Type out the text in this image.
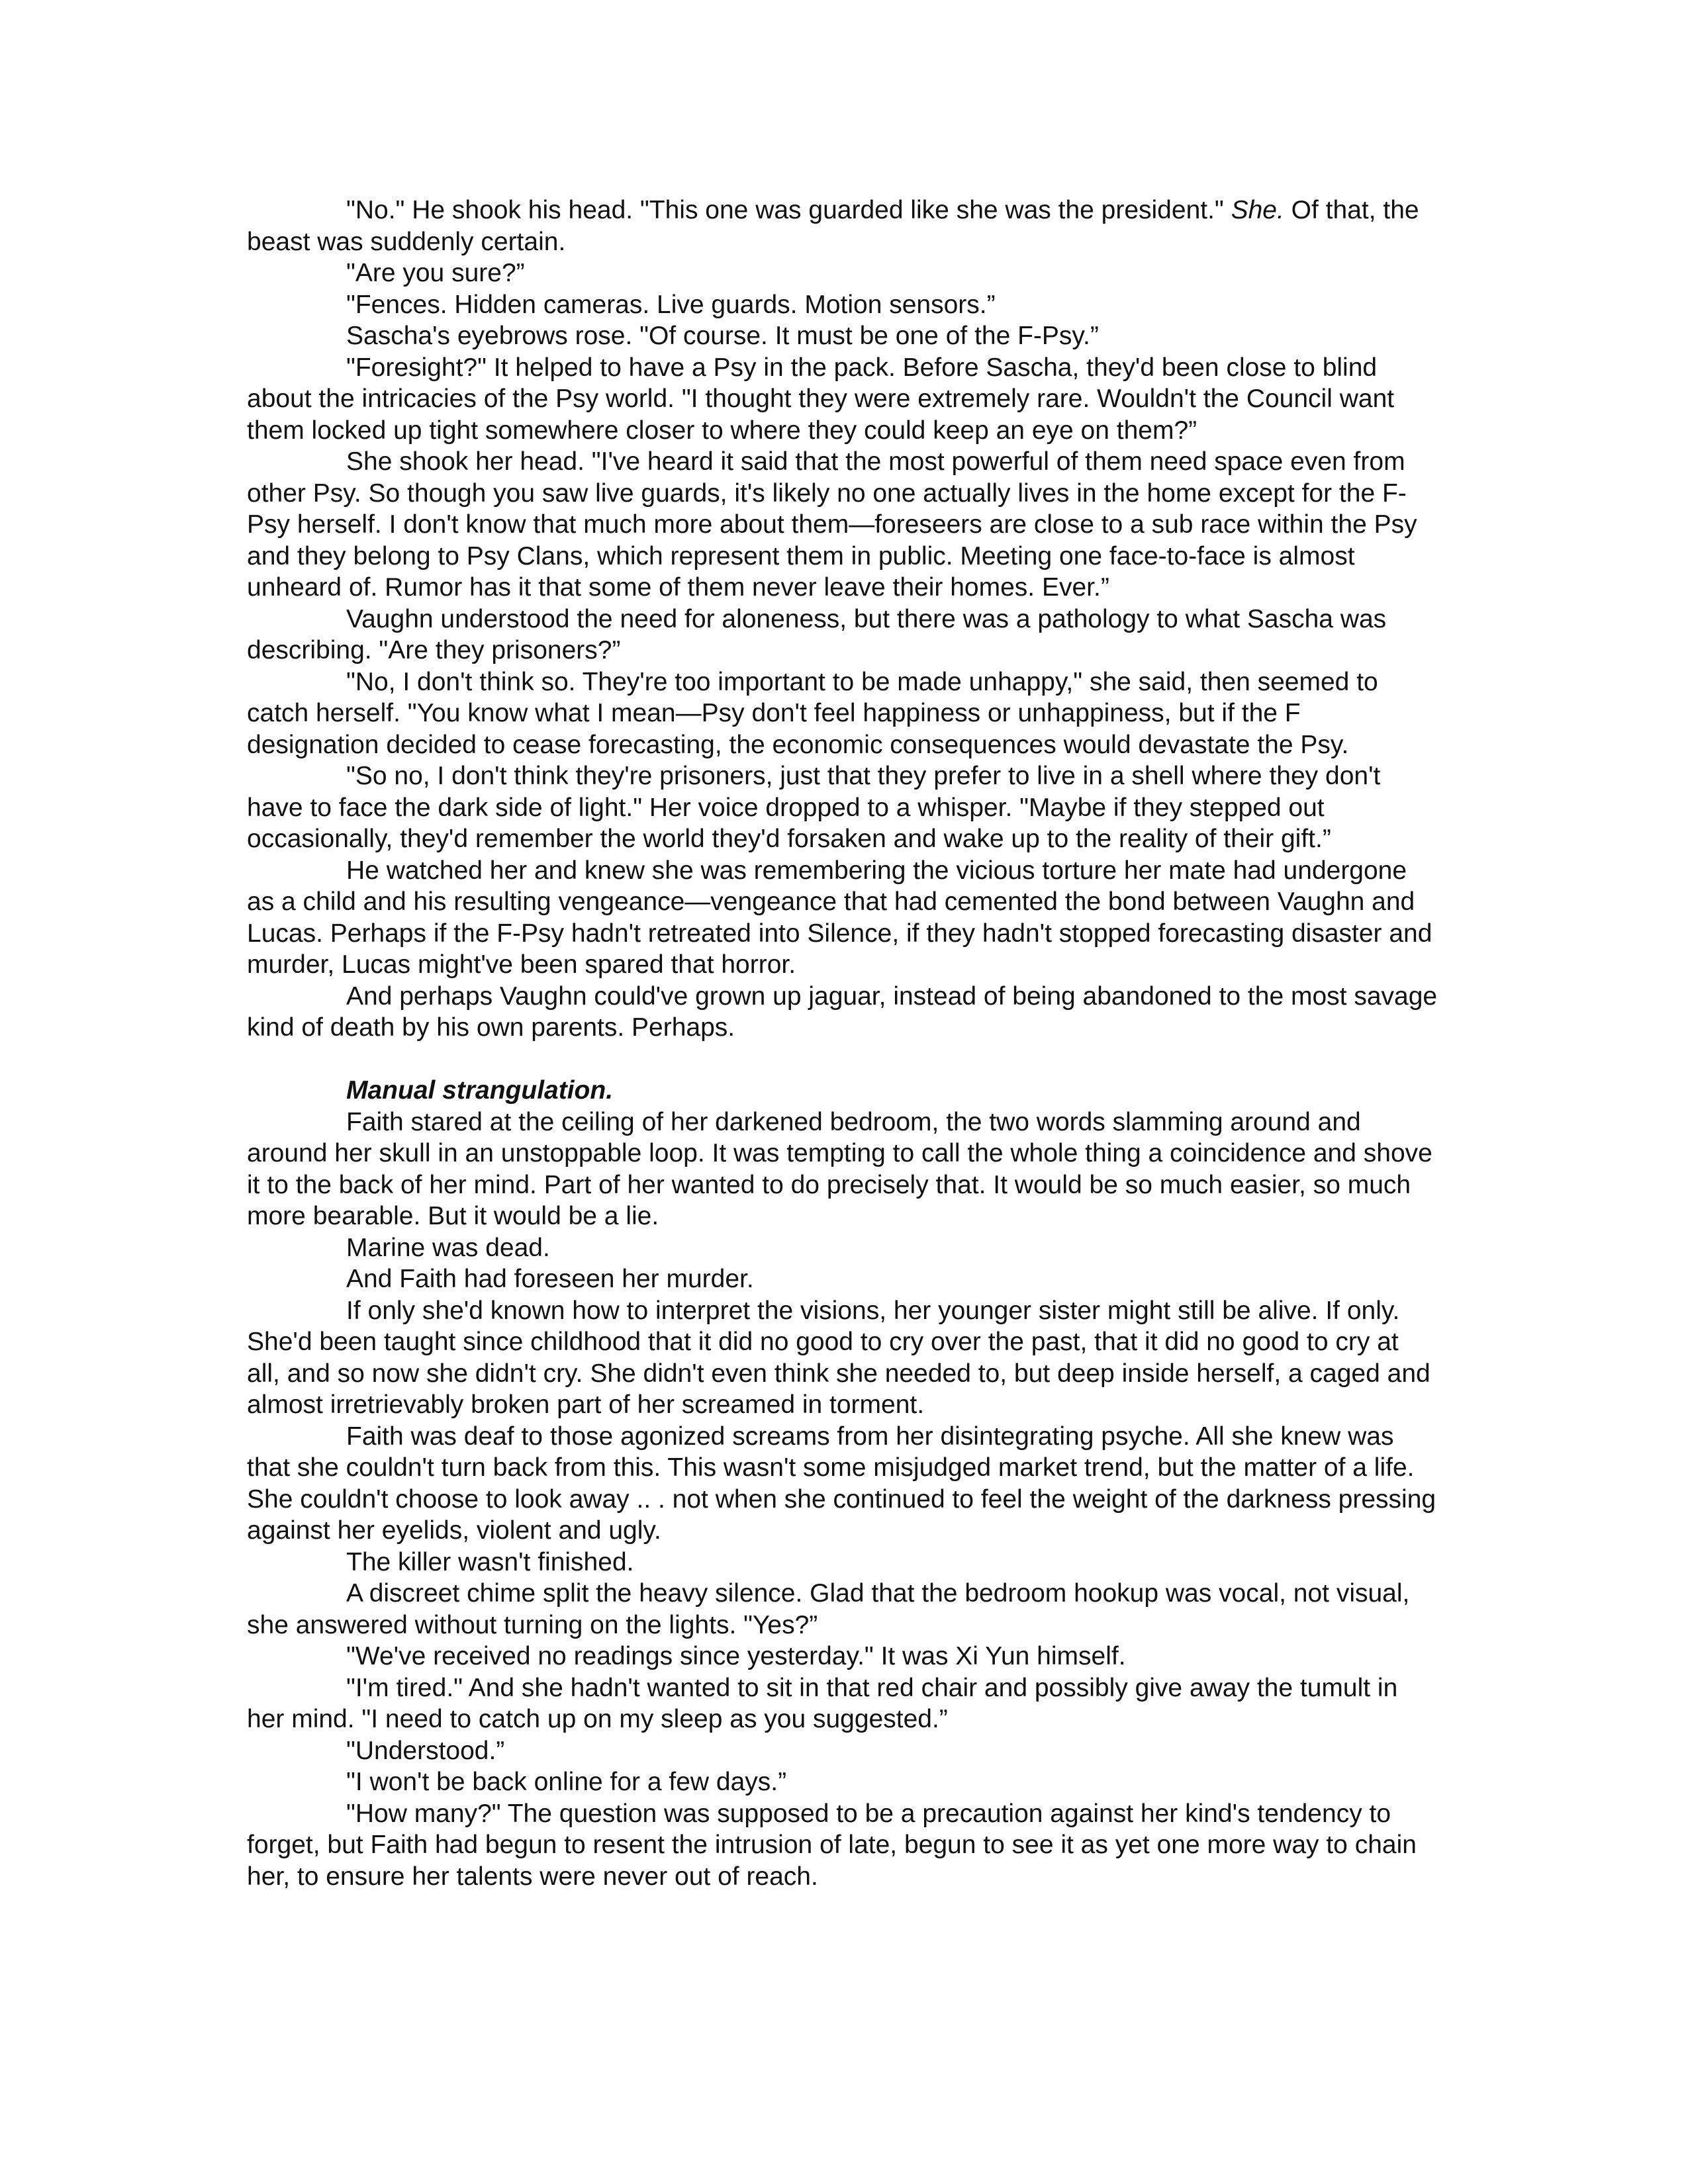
"No." He shook his head. "This one was guarded like she was the president." She. Of that, the beast was suddenly certain.

"Are you sure?”

"Fences. Hidden cameras. Live guards. Motion sensors.”

Sascha's eyebrows rose. "Of course. It must be one of the F-Psy.”

"Foresight?" It helped to have a Psy in the pack. Before Sascha, they'd been close to blind about the intricacies of the Psy world. "I thought they were extremely rare. Wouldn't the Council want them locked up tight somewhere closer to where they could keep an eye on them?”

She shook her head. "I've heard it said that the most powerful of them need space even from other Psy. So though you saw live guards, it's likely no one actually lives in the home except for the F-Psy herself. I don't know that much more about them—foreseers are close to a sub race within the Psy and they belong to Psy Clans, which represent them in public. Meeting one face-to-face is almost unheard of. Rumor has it that some of them never leave their homes. Ever.”

Vaughn understood the need for aloneness, but there was a pathology to what Sascha was describing. "Are they prisoners?”

"No, I don't think so. They're too important to be made unhappy," she said, then seemed to catch herself. "You know what I mean—Psy don't feel happiness or unhappiness, but if the F designation decided to cease forecasting, the economic consequences would devastate the Psy.

"So no, I don't think they're prisoners, just that they prefer to live in a shell where they don't have to face the dark side of light." Her voice dropped to a whisper. "Maybe if they stepped out occasionally, they'd remember the world they'd forsaken and wake up to the reality of their gift.”

He watched her and knew she was remembering the vicious torture her mate had undergone as a child and his resulting vengeance—vengeance that had cemented the bond between Vaughn and Lucas. Perhaps if the F-Psy hadn't retreated into Silence, if they hadn't stopped forecasting disaster and murder, Lucas might've been spared that horror.

And perhaps Vaughn could've grown up jaguar, instead of being abandoned to the most savage kind of death by his own parents. Perhaps.

Manual strangulation.

Faith stared at the ceiling of her darkened bedroom, the two words slamming around and around her skull in an unstoppable loop. It was tempting to call the whole thing a coincidence and shove it to the back of her mind. Part of her wanted to do precisely that. It would be so much easier, so much more bearable. But it would be a lie.

Marine was dead.

And Faith had foreseen her murder.

If only she'd known how to interpret the visions, her younger sister might still be alive. If only. She'd been taught since childhood that it did no good to cry over the past, that it did no good to cry at all, and so now she didn't cry. She didn't even think she needed to, but deep inside herself, a caged and almost irretrievably broken part of her screamed in torment.

Faith was deaf to those agonized screams from her disintegrating psyche. All she knew was that she couldn't turn back from this. This wasn't some misjudged market trend, but the matter of a life. She couldn't choose to look away .. . not when she continued to feel the weight of the darkness pressing against her eyelids, violent and ugly.

The killer wasn't finished.

A discreet chime split the heavy silence. Glad that the bedroom hookup was vocal, not visual, she answered without turning on the lights. "Yes?”

"We've received no readings since yesterday." It was Xi Yun himself.

"I'm tired." And she hadn't wanted to sit in that red chair and possibly give away the tumult in her mind. "I need to catch up on my sleep as you suggested.”

"Understood.”

"I won't be back online for a few days.”

"How many?" The question was supposed to be a precaution against her kind's tendency to forget, but Faith had begun to resent the intrusion of late, begun to see it as yet one more way to chain her, to ensure her talents were never out of reach.
